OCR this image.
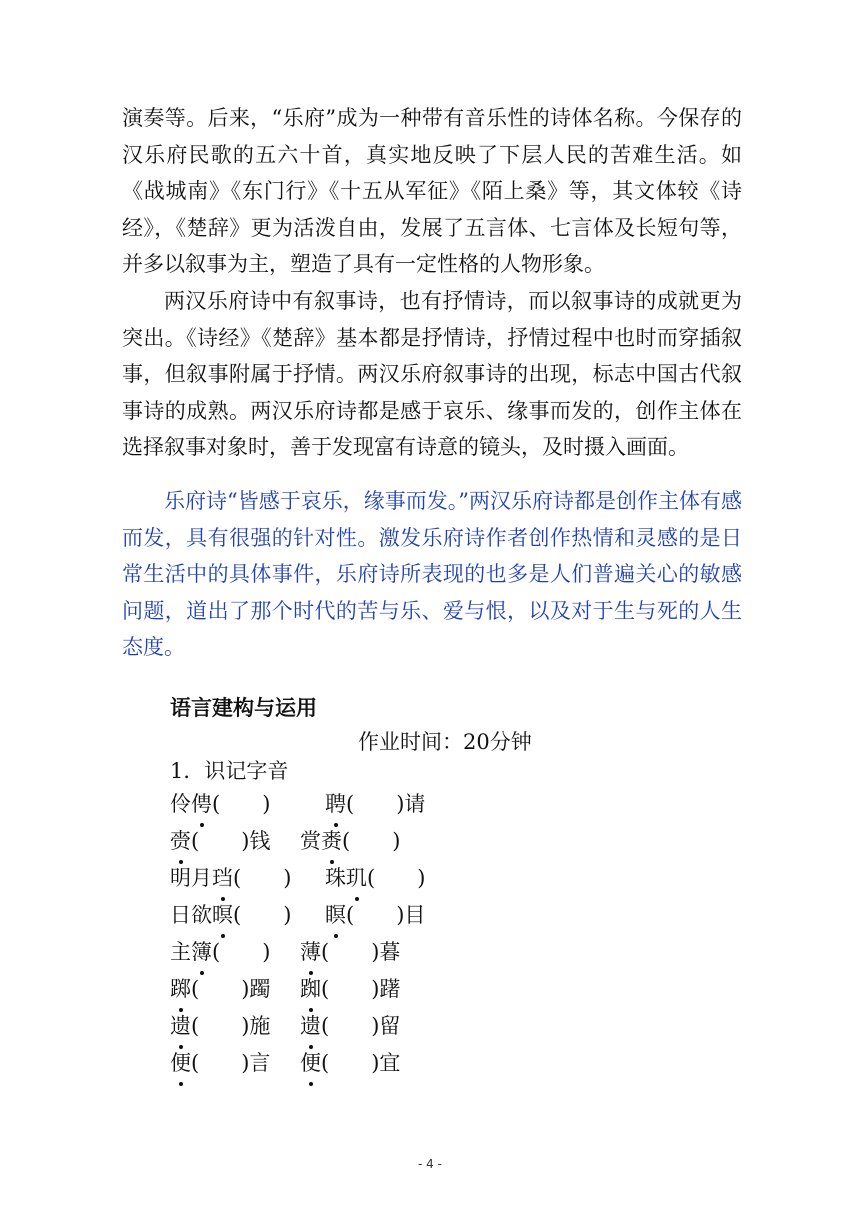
演奏等。后来，“乐府”成为一种带有音乐性的诗体名称。今保存的汉乐府民歌的五六十首，真实地反映了下层人民的苦难生活。如《战城南》《东门行》《十五从军征》《陌上桑》等，其文体较《诗经》，《楚辞》更为活泼自由，发展了五言体、七言体及长短句等，并多以叙事为主，塑造了具有一定性格的人物形象。

两汉乐府诗中有叙事诗，也有抒情诗，而以叙事诗的成就更为突出。《诗经》《楚辞》基本都是抒情诗，抒情过程中也时而穿插叙事，但叙事附属于抒情。两汉乐府叙事诗的出现，标志中国古代叙事诗的成熟。两汉乐府诗都是感于哀乐、缘事而发的，创作主体在选择叙事对象时，善于发现富有诗意的镜头，及时摄入画面。

乐府诗“皆感于哀乐，缘事而发。”两汉乐府诗都是创作主体有感而发，具有很强的针对性。激发乐府诗作者创作热情和灵感的是日常生活中的具体事件，乐府诗所表现的也多是人们普遍关心的敏感问题，道出了那个时代的苦与乐、爱与恨，以及对于生与死的人生态度。

语言建构与运用

作业时间：20分钟

1．识记字音

伶俜(　　)	聘(　　)请
赍(　　)钱 赏赉(　　)
明月珰(　　) 珠玑(　　)
日欲暝(　　) 瞑(　　)目
主簿(　　) 薄(　　)暮
踯(　　)躅 踟(　　)躇
遗(　　)施 遗(　　)留
便(　　)言 便(　　)宜
- 4 -
